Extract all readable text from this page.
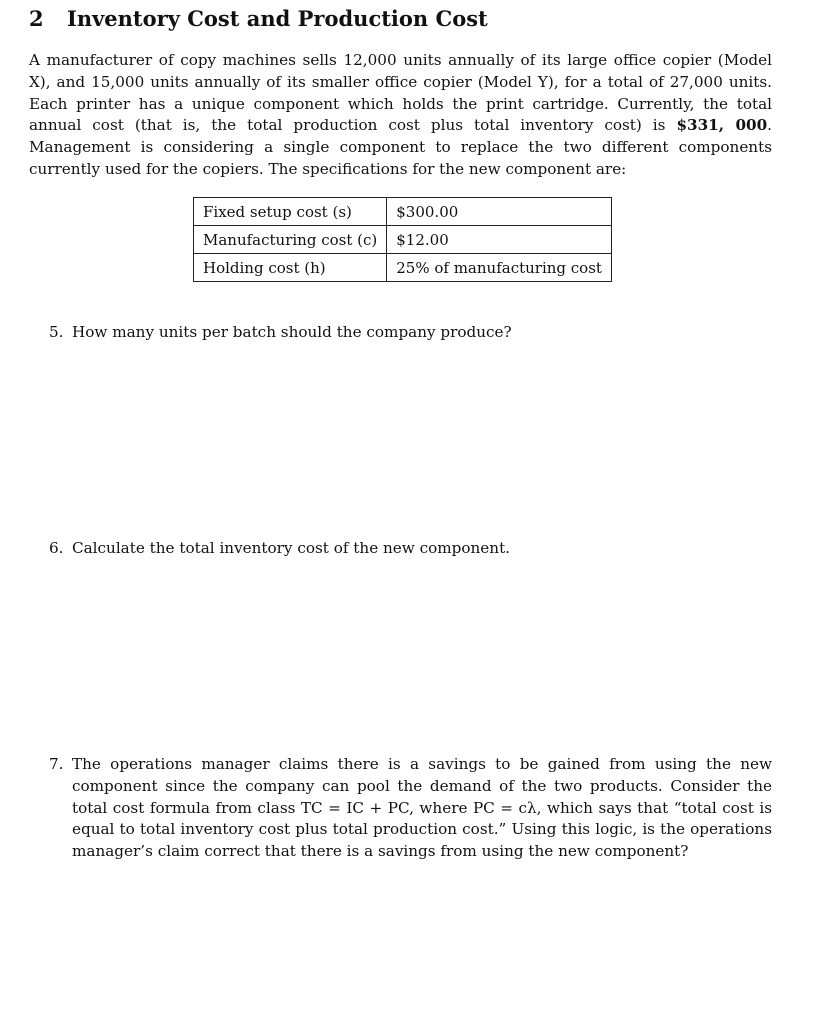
2 Inventory Cost and Production Cost

A manufacturer of copy machines sells 12,000 units annually of its large office copier (Model X), and 15,000 units annually of its smaller office copier (Model Y), for a total of 27,000 units. Each printer has a unique component which holds the print cartridge. Currently, the total annual cost (that is, the total production cost plus total inventory cost) is $331, 000. Management is considering a single component to replace the two different components currently used for the copiers. The specifications for the new component are:

Fixed setup cost (s)	$300.00
Manufacturing cost (c)	$12.00
Holding cost (h)	25% of manufacturing cost
5. How many units per batch should the company produce?
6. Calculate the total inventory cost of the new component.
7. The operations manager claims there is a savings to be gained from using the new component since the company can pool the demand of the two products. Consider the total cost formula from class TC = IC + PC, where PC = cλ, which says that “total cost is equal to total inventory cost plus total production cost.” Using this logic, is the operations manager’s claim correct that there is a savings from using the new component?
